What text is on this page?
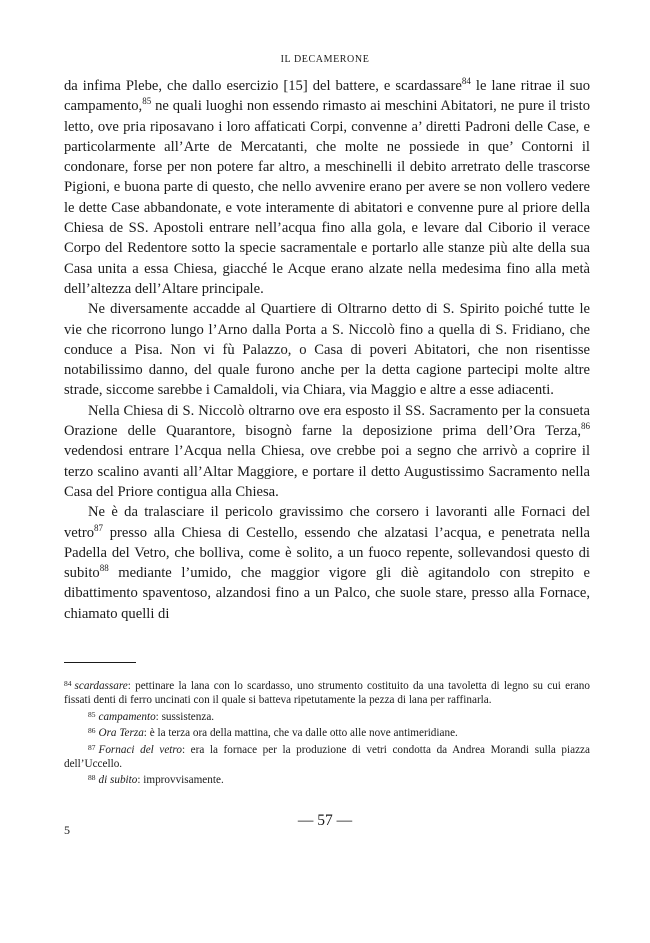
IL DECAMERONE

da infima Plebe, che dallo esercizio [15] del battere, e scardassare$^{84}$ le lane ritrae il suo campamento,$^{85}$ ne quali luoghi non essendo rimasto ai meschini Abitatori, ne pure il tristo letto, ove pria riposavano i loro affaticati Corpi, convenne a’ diretti Padroni delle Case, e particolarmente all’Arte de Mercatanti, che molte ne possiede in que’ Contorni il condonare, forse per non potere far altro, a meschinelli il debito arretrato delle trascorse Pigioni, e buona parte di questo, che nello avvenire erano per avere se non vollero vedere le dette Case abbandonate, e vote interamente di abitatori e convenne pure al priore della Chiesa de SS. Apostoli entrare nell’acqua fino alla gola, e levare dal Ciborio il verace Corpo del Redentore sotto la specie sacramentale e portarlo alle stanze più alte della sua Casa unita a essa Chiesa, giacché le Acque erano alzate nella medesima fino alla metà dell’altezza dell’Altare principale.

Ne diversamente accadde al Quartiere di Oltrarno detto di S. Spirito poiché tutte le vie che ricorrono lungo l’Arno dalla Porta a S. Niccolò fino a quella di S. Fridiano, che conduce a Pisa. Non vi fù Palazzo, o Casa di poveri Abitatori, che non risentisse notabilissimo danno, del quale furono anche per la detta cagione partecipi molte altre strade, siccome sarebbe i Camaldoli, via Chiara, via Maggio e altre a esse adiacenti.

Nella Chiesa di S. Niccolò oltrarno ove era esposto il SS. Sacramento per la consueta Orazione delle Quarantore, bisognò farne la deposizione prima dell’Ora Terza,$^{86}$ vedendosi entrare l’Acqua nella Chiesa, ove crebbe poi a segno che arrivò a coprire il terzo scalino avanti all’Altar Maggiore, e portare il detto Augustissimo Sacramento nella Casa del Priore contigua alla Chiesa.

Ne è da tralasciare il pericolo gravissimo che corsero i lavoranti alle Fornaci del vetro$^{87}$ presso alla Chiesa di Cestello, essendo che alzatasi l’acqua, e penetrata nella Padella del Vetro, che bolliva, come è solito, a un fuoco repente, sollevandosi questo di subito$^{88}$ mediante l’umido, che maggior vigore gli diè agitandolo con strepito e dibattimento spaventoso, alzandosi fino a un Palco, che suole stare, presso alla Fornace, chiamato quelli di

$^{84}$ scardassare: pettinare la lana con lo scardasso, uno strumento costituito da una tavoletta di legno su cui erano fissati denti di ferro uncinati con il quale si batteva ripetutamente la pezza di lana per raffinarla.

$^{85}$ campamento: sussistenza.

$^{86}$ Ora Terza: è la terza ora della mattina, che va dalle otto alle nove antimeridiane.

$^{87}$ Fornaci del vetro: era la fornace per la produzione di vetri condotta da Andrea Morandi sulla piazza dell’Uccello.

$^{88}$ di subito: improvvisamente.

— 57 —
5
